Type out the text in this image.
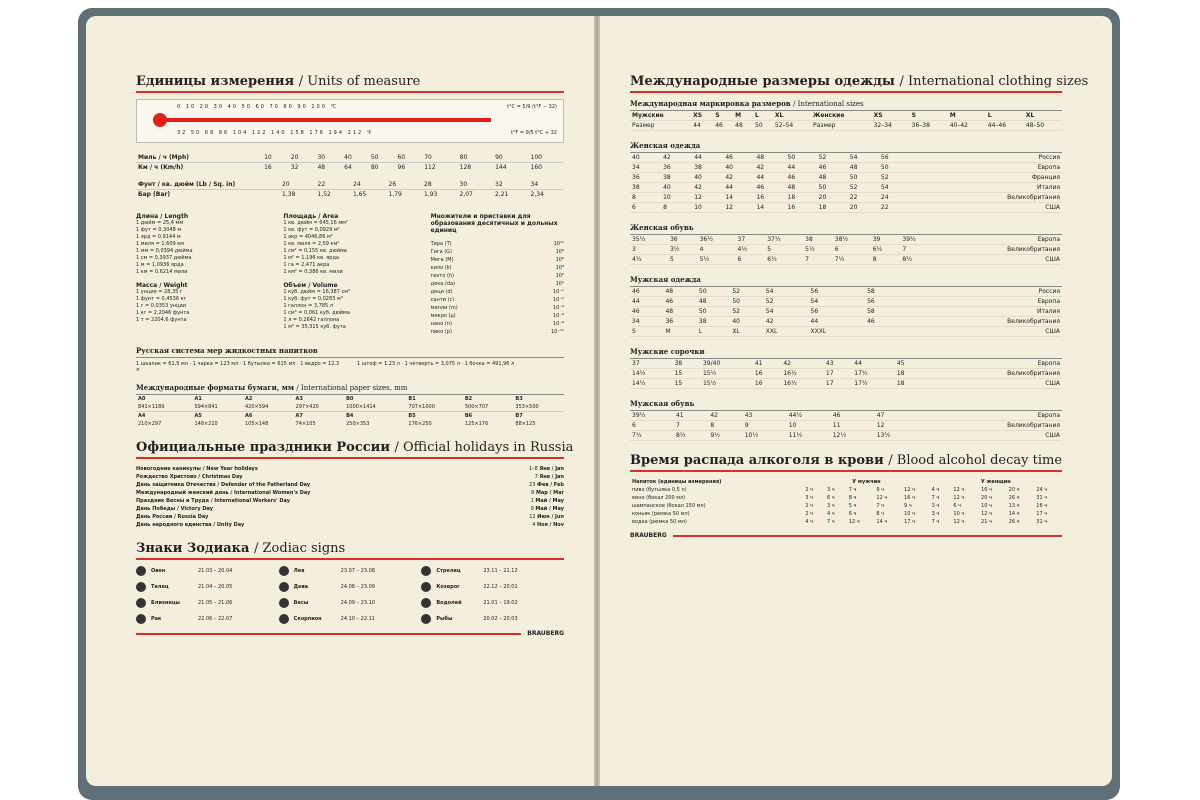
Единицы измерения / Units of measure
0 10 20 30 40 50 60 70 80 90 100 ℃
32 50 68 86 104 122 140 158 176 194 212 ℉
t°C = 5/9 (t°F − 32)
t°F = 9/5 t°C + 32
Миль / ч (Mph)	10	20	30	40	50	60	70	80	90	100
Км / ч (Km/h)	16	32	48	64	80	96	112	128	144	160
Фунт / кв. дюйм (Lb / Sq. in)	20	22	24	26	28	30	32	34
Бар (Bar)	1,38	1,52	1,65	1,79	1,93	2,07	2,21	2,34
Длина / Length
1 дюйм = 25,4 мм
1 фут = 0,3048 м
1 ярд = 0,9144 м
1 миля = 1,609 км
1 мм = 0,0394 дюйма
1 см = 0,3937 дюйма
1 м = 1,0936 ярда
1 км = 0,6214 мили
Масса / Weight
1 унция = 28,35 г
1 фунт = 0,4536 кг
1 г = 0,0353 унции
1 кг = 2,2046 фунта
1 т = 2204,6 фунта
Площадь / Area
1 кв. дюйм = 645,16 мм²
1 кв. фут = 0,0929 м²
1 акр = 4046,86 м²
1 кв. миля = 2,59 км²
1 см² = 0,155 кв. дюйма
1 м² = 1,196 кв. ярда
1 га = 2,471 акра
1 км² = 0,386 кв. мили
Объем / Volume
1 куб. дюйм = 16,387 см³
1 куб. фут = 0,0283 м³
1 галлон = 3,785 л
1 см³ = 0,061 куб. дюйма
1 л = 0,2642 галлона
1 м³ = 35,315 куб. фута
Множители и приставки для образования десятичных и дольных единиц
Тера (T)	10¹²
Гига (G)	10⁹
Мега (M)	10⁶
кило (k)	10³
гекто (h)	10²
дека (da)	10¹
деци (d)	10⁻¹
санти (c)	10⁻²
милли (m)	10⁻³
микро (μ)	10⁻⁶
нано (n)	10⁻⁹
пико (p)	10⁻¹²
Русская система мер жидкостных напитков
1 шкалик = 61,5 мл · 1 чарка = 123 мл · 1 бутылка = 615 мл · 1 ведро = 12,3 л
1 штоф = 1,23 л · 1 четверть = 3,075 л · 1 бочка = 491,96 л
Международные форматы бумаги, мм / International paper sizes, mm
A0	A1	A2	A3	B0	B1	B2	B3
841×1189	594×841	420×594	297×420	1000×1414	707×1000	500×707	353×500
A4	A5	A6	A7	B4	B5	B6	B7
210×297	148×210	105×148	74×105	250×353	176×250	125×176	88×125
Официальные праздники России / Official holidays in Russia
Новогодние каникулы / New Year holidays	1–8 Янв / Jan
Рождество Христово / Christmas Day	7 Янв / Jan
День защитника Отечества / Defender of the Fatherland Day	23 Фев / Feb
Международный женский день / International Women's Day	8 Мар / Mar
Праздник Весны и Труда / International Workers' Day	1 Май / May
День Победы / Victory Day	9 Май / May
День России / Russia Day	12 Июн / Jun
День народного единства / Unity Day	4 Ноя / Nov
Знаки Зодиака / Zodiac signs
Овен	21.03 – 20.04	Лев	23.07 – 23.08	Стрелец	23.11 – 21.12
Телец	21.04 – 20.05	Дева	24.08 – 23.09	Козерог	22.12 – 20.01
Близнецы	21.05 – 21.06	Весы	24.09 – 23.10	Водолей	21.01 – 19.02
Рак	22.06 – 22.07	Скорпион	24.10 – 22.11	Рыбы	20.02 – 20.03
BRAUBERG
Международные размеры одежды / International clothing sizes
Международная маркировка размеров / International sizes
Мужские	XS	S	M	L	XL	Женские	XS	S	M	L	XL
Размер	44	46	48	50	52–54	Размер	32–34	36–38	40–42	44–46	48–50
Женская одежда
40	42	44	46	48	50	52	54	56	Россия
34	36	38	40	42	44	46	48	50	Европа
36	38	40	42	44	46	48	50	52	Франция
38	40	42	44	46	48	50	52	54	Италия
8	10	12	14	16	18	20	22	24	Великобритания
6	8	10	12	14	16	18	20	22	США
Женская обувь
35½	36	36½	37	37½	38	38½	39	39½	Европа
3	3½	4	4½	5	5½	6	6½	7	Великобритания
4½	5	5½	6	6½	7	7½	8	8½	США
Мужская одежда
46	48	50	52	54	56	58	Россия
44	46	48	50	52	54	56	Европа
46	48	50	52	54	56	58	Италия
34	36	38	40	42	44	46	Великобритания
S	M	L	XL	XXL	XXXL		США
Мужские сорочки
37	38	39/40	41	42	43	44	45	Европа
14½	15	15½	16	16½	17	17½	18	Великобритания
14½	15	15½	16	16½	17	17½	18	США
Мужская обувь
39½	41	42	43	44½	46	47	Европа
6	7	8	9	10	11	12	Великобритания
7½	8½	9½	10½	11½	12½	13½	США
Время распада алкоголя в крови / Blood alcohol decay time
Напиток (единицы измерения)	У мужчин					У женщин				
пиво (бутылка 0,5 л)	2 ч	3 ч	7 ч	9 ч	12 ч	4 ч	12 ч	16 ч	20 ч	24 ч
вино (бокал 200 мл)	3 ч	6 ч	8 ч	12 ч	16 ч	7 ч	12 ч	20 ч	26 ч	31 ч
шампанское (бокал 150 мл)	2 ч	3 ч	5 ч	7 ч	9 ч	3 ч	6 ч	10 ч	13 ч	16 ч
коньяк (рюмка 50 мл)	2 ч	4 ч	6 ч	8 ч	10 ч	3 ч	10 ч	12 ч	14 ч	17 ч
водка (рюмка 50 мл)	4 ч	7 ч	12 ч	14 ч	17 ч	7 ч	12 ч	21 ч	26 ч	31 ч
BRAUBERG
